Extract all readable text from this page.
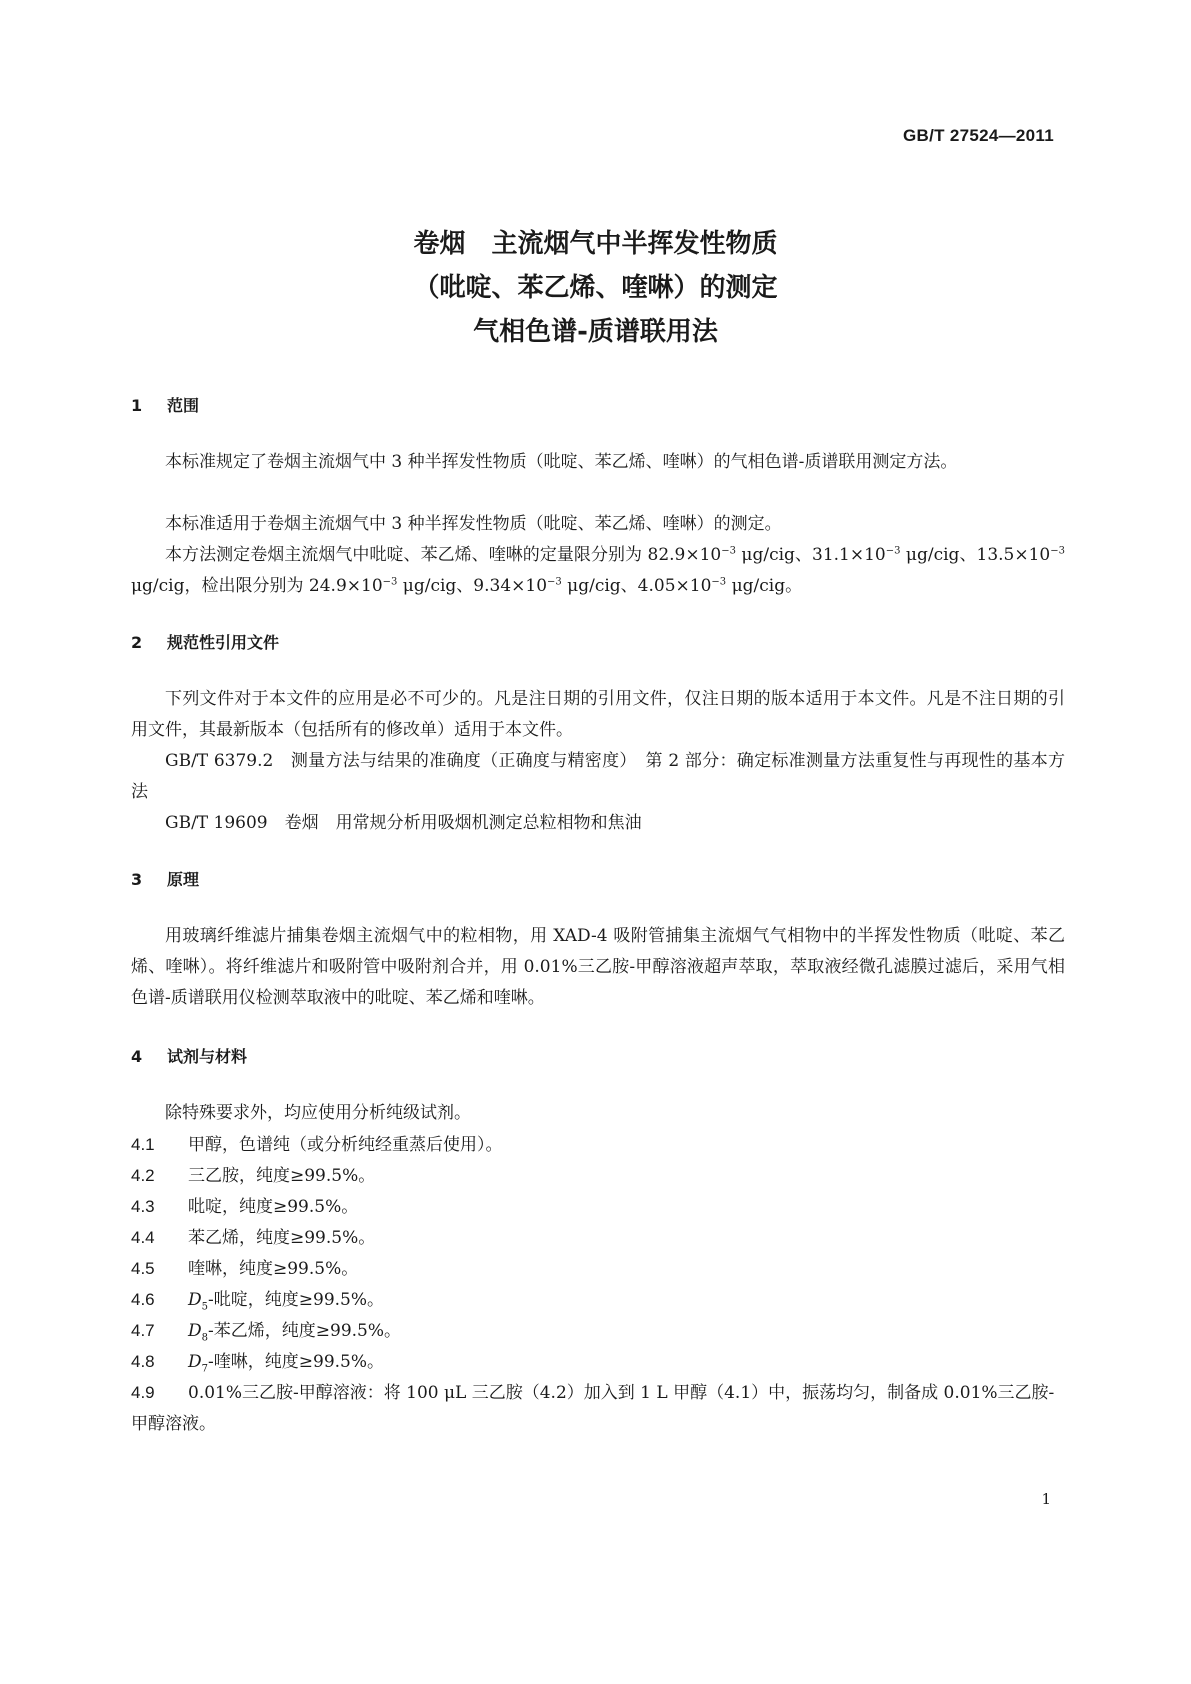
GB/T 27524—2011
卷烟　主流烟气中半挥发性物质
（吡啶、苯乙烯、喹啉）的测定
气相色谱-质谱联用法
1 范围
本标准规定了卷烟主流烟气中 3 种半挥发性物质（吡啶、苯乙烯、喹啉）的气相色谱-质谱联用测定方法。
本标准适用于卷烟主流烟气中 3 种半挥发性物质（吡啶、苯乙烯、喹啉）的测定。
本方法测定卷烟主流烟气中吡啶、苯乙烯、喹啉的定量限分别为 $82.9\times 10^{-3}$ μg/cig、$31.1\times 10^{-3}$ μg/cig、$13.5\times 10^{-3}$ μg/cig，检出限分别为 $24.9\times 10^{-3}$ μg/cig、$9.34\times 10^{-3}$ μg/cig、$4.05\times 10^{-3}$ μg/cig。
2 规范性引用文件
下列文件对于本文件的应用是必不可少的。凡是注日期的引用文件，仅注日期的版本适用于本文件。凡是不注日期的引用文件，其最新版本（包括所有的修改单）适用于本文件。
GB/T 6379.2　测量方法与结果的准确度（正确度与精密度）　第 2 部分：确定标准测量方法重复性与再现性的基本方法
GB/T 19609　卷烟　用常规分析用吸烟机测定总粒相物和焦油
3 原理
用玻璃纤维滤片捕集卷烟主流烟气中的粒相物，用 XAD-4 吸附管捕集主流烟气气相物中的半挥发性物质（吡啶、苯乙烯、喹啉）。将纤维滤片和吸附管中吸附剂合并，用 0.01%三乙胺-甲醇溶液超声萃取，萃取液经微孔滤膜过滤后，采用气相色谱-质谱联用仪检测萃取液中的吡啶、苯乙烯和喹啉。
4 试剂与材料
除特殊要求外，均应使用分析纯级试剂。
4.1 甲醇，色谱纯（或分析纯经重蒸后使用）。
4.2 三乙胺，纯度≥99.5%。
4.3 吡啶，纯度≥99.5%。
4.4 苯乙烯，纯度≥99.5%。
4.5 喹啉，纯度≥99.5%。
4.6 $D_5-$吡啶，纯度≥99.5%。
4.7 $D_8-$苯乙烯，纯度≥99.5%。
4.8 $D_7-$喹啉，纯度≥99.5%。
4.9 0.01%三乙胺-甲醇溶液：将 100 μL 三乙胺（4.2）加入到 1 L 甲醇（4.1）中，振荡均匀，制备成 0.01%三乙胺-甲醇溶液。
1
